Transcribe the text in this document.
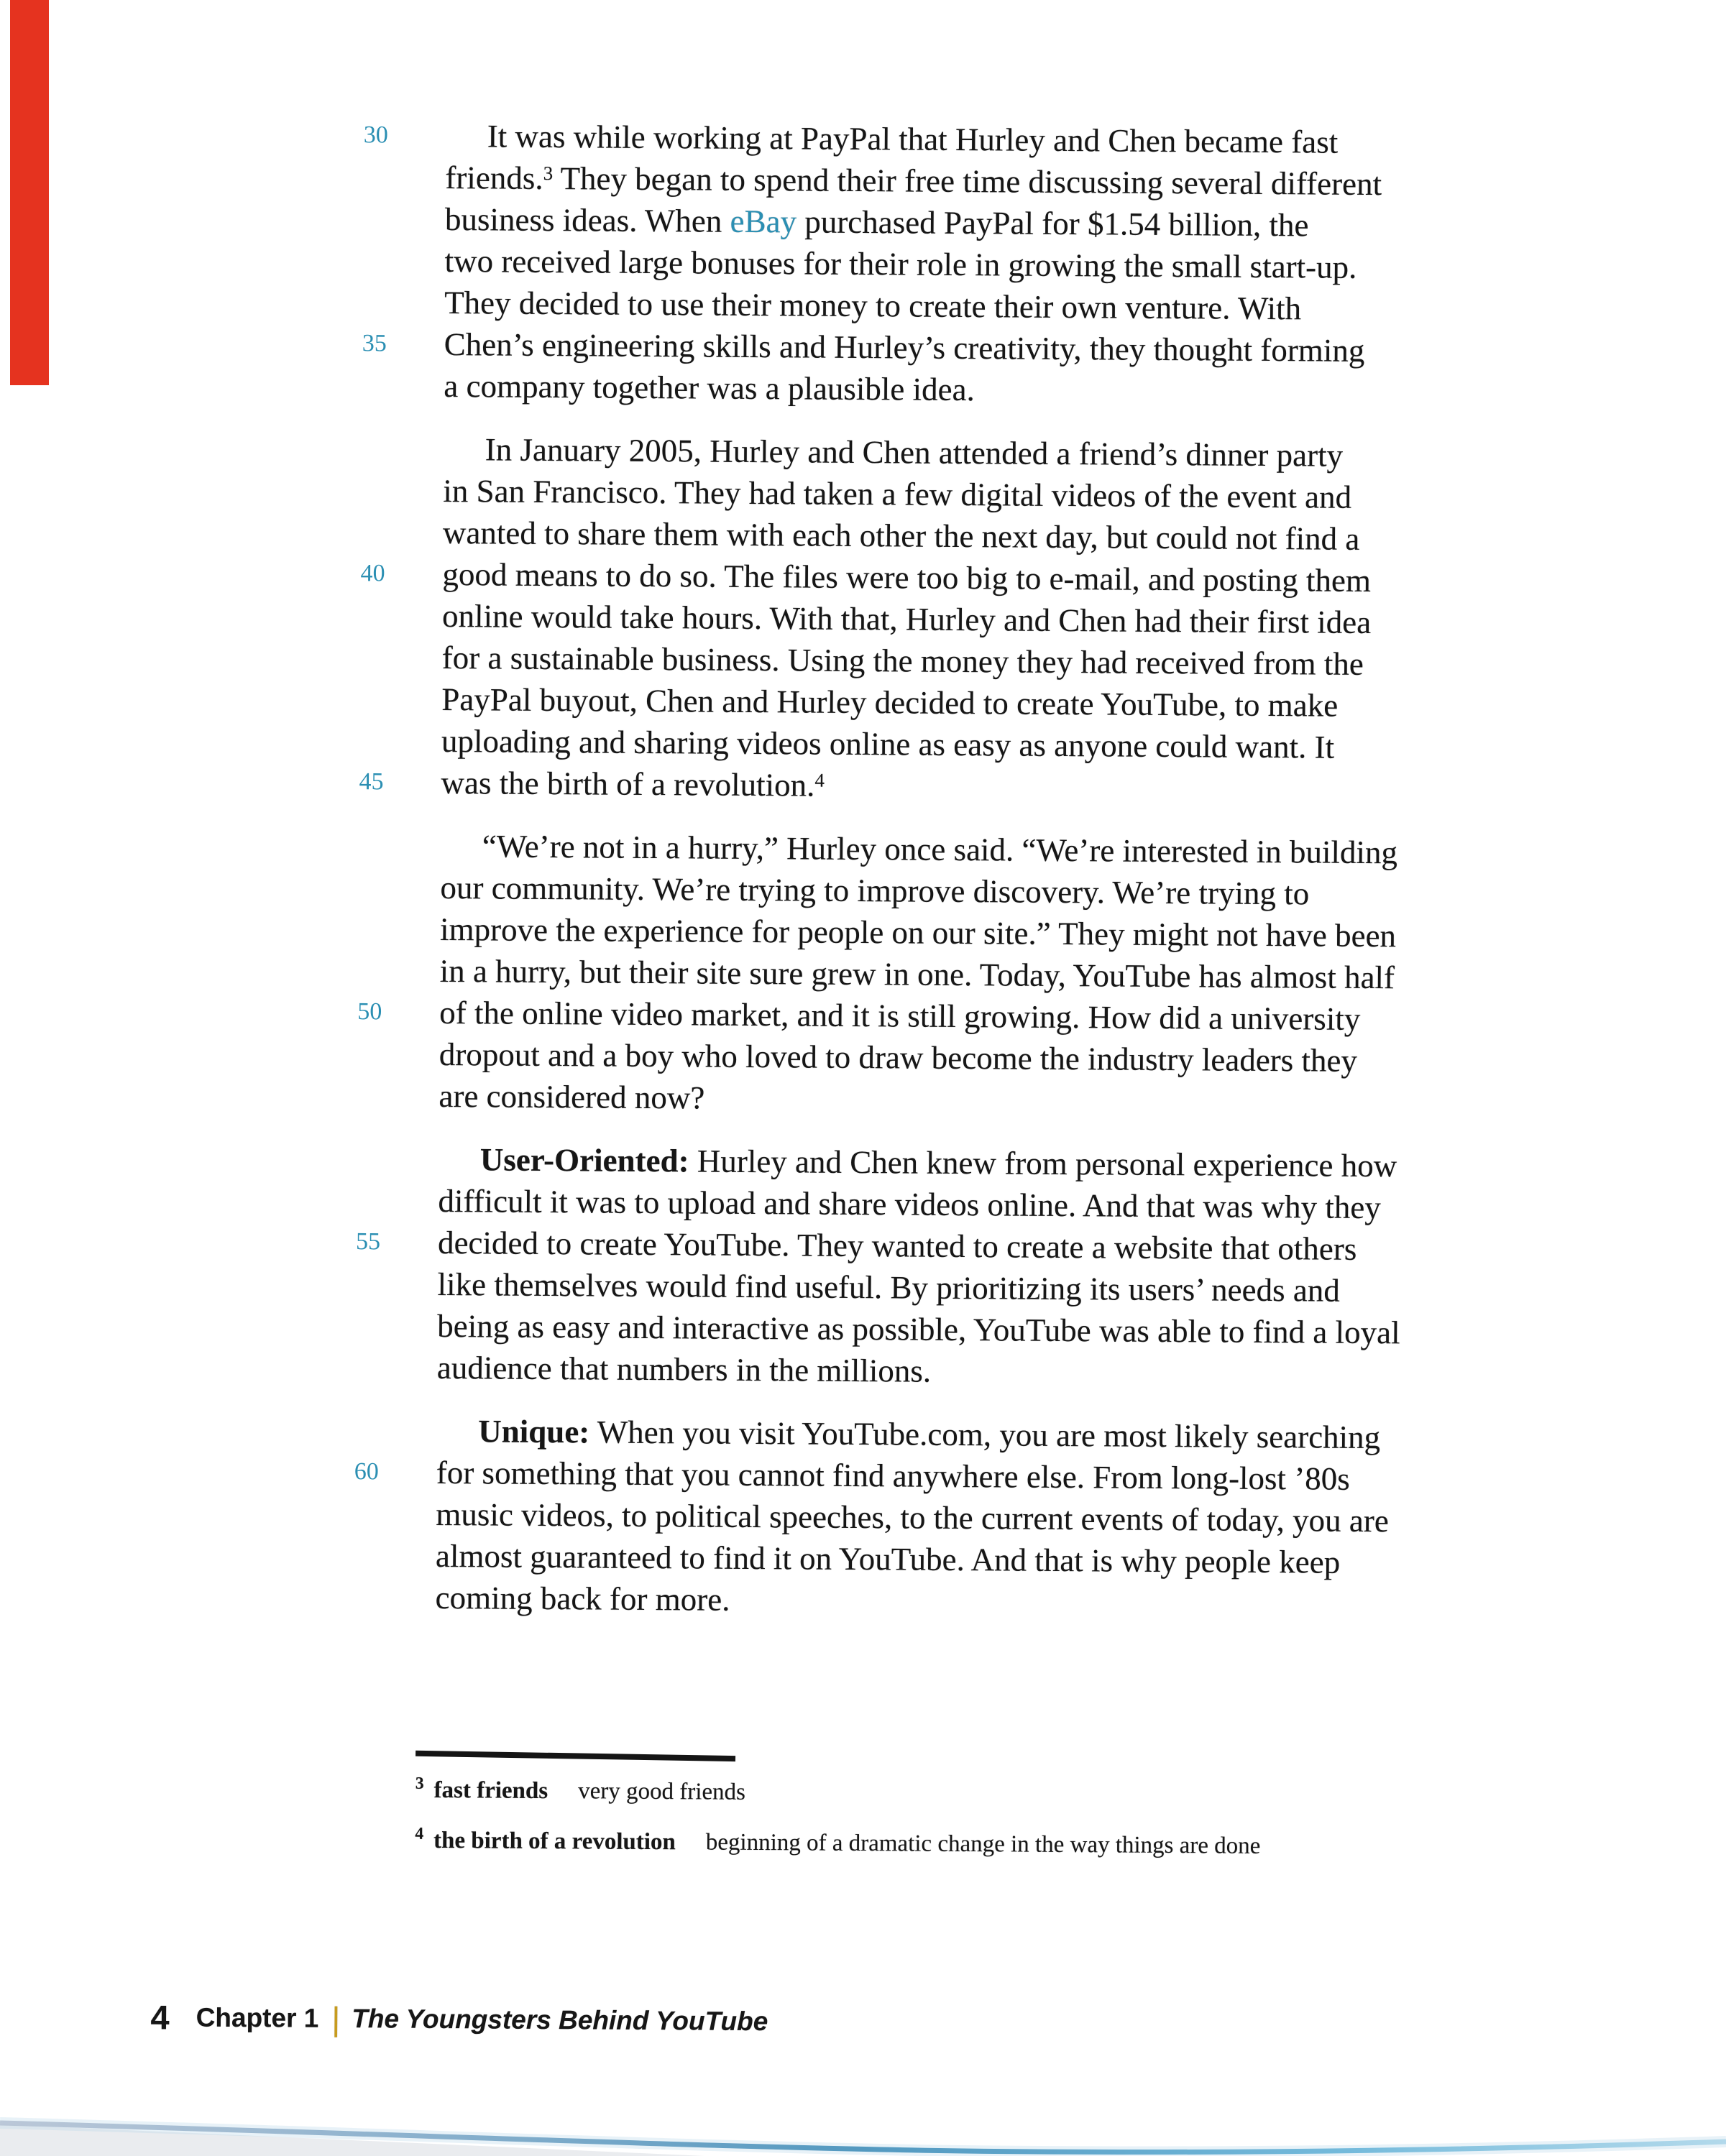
30
35
It was while working at PayPal that Hurley and Chen became fast
friends.$^3$ They began to spend their free time discussing several different
business ideas. When eBay purchased PayPal for $1.54 billion, the
two received large bonuses for their role in growing the small start-up.
They decided to use their money to create their own venture. With
Chen’s engineering skills and Hurley’s creativity, they thought forming
a company together was a plausible idea.
40
45
In January 2005, Hurley and Chen attended a friend’s dinner party
in San Francisco. They had taken a few digital videos of the event and
wanted to share them with each other the next day, but could not find a
good means to do so. The files were too big to e-mail, and posting them
online would take hours. With that, Hurley and Chen had their first idea
for a sustainable business. Using the money they had received from the
PayPal buyout, Chen and Hurley decided to create YouTube, to make
uploading and sharing videos online as easy as anyone could want. It
was the birth of a revolution.$^4$
50
“We’re not in a hurry,” Hurley once said. “We’re interested in building
our community. We’re trying to improve discovery. We’re trying to
improve the experience for people on our site.” They might not have been
in a hurry, but their site sure grew in one. Today, YouTube has almost half
of the online video market, and it is still growing. How did a university
dropout and a boy who loved to draw become the industry leaders they
are considered now?
55
User-Oriented: Hurley and Chen knew from personal experience how
difficult it was to upload and share videos online. And that was why they
decided to create YouTube. They wanted to create a website that others
like themselves would find useful. By prioritizing its users’ needs and
being as easy and interactive as possible, YouTube was able to find a loyal
audience that numbers in the millions.
60
Unique: When you visit YouTube.com, you are most likely searching
for something that you cannot find anywhere else. From long-lost ’80s
music videos, to political speeches, to the current events of today, you are
almost guaranteed to find it on YouTube. And that is why people keep
coming back for more.
$^3$ fast friends very good friends
$^4$ the birth of a revolution beginning of a dramatic change in the way things are done
4 Chapter 1 | The Youngsters Behind YouTube
